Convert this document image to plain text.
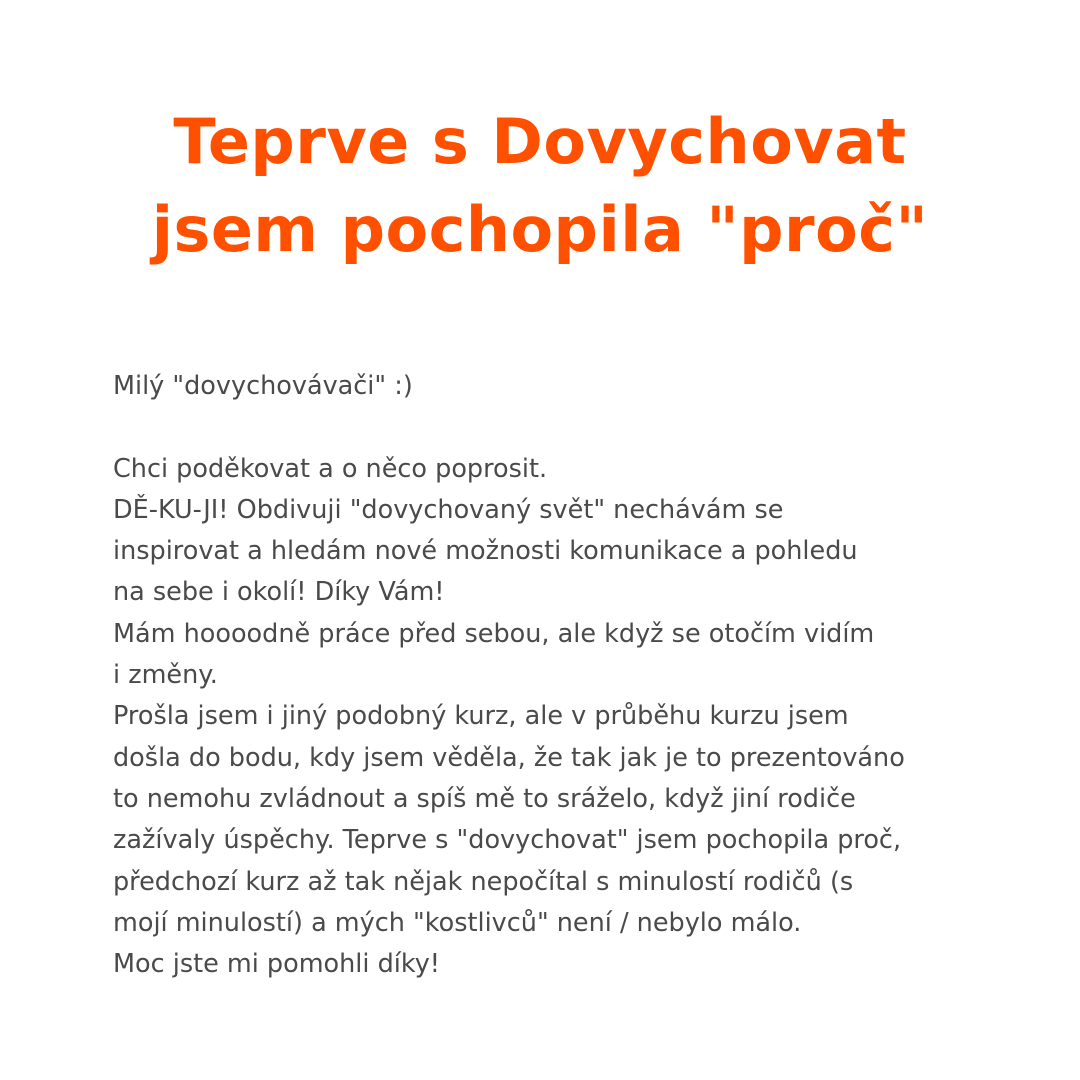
Teprve s Dovychovat
jsem pochopila "proč"
Milý "dovychovávači" :)
Chci poděkovat a o něco poprosit.
DĚ-KU-JI! Obdivuji "dovychovaný svět" nechávám se
inspirovat a hledám nové možnosti komunikace a pohledu
na sebe i okolí! Díky Vám!
Mám hoooodně práce před sebou, ale když se otočím vidím
i změny.
Prošla jsem i jiný podobný kurz, ale v průběhu kurzu jsem
došla do bodu, kdy jsem věděla, že tak jak je to prezentováno
to nemohu zvládnout a spíš mě to sráželo, když jiní rodiče
zažívaly úspěchy. Teprve s "dovychovat" jsem pochopila proč,
předchozí kurz až tak nějak nepočítal s minulostí rodičů (s
mojí minulostí) a mých "kostlivců" není / nebylo málo.
Moc jste mi pomohli díky!
